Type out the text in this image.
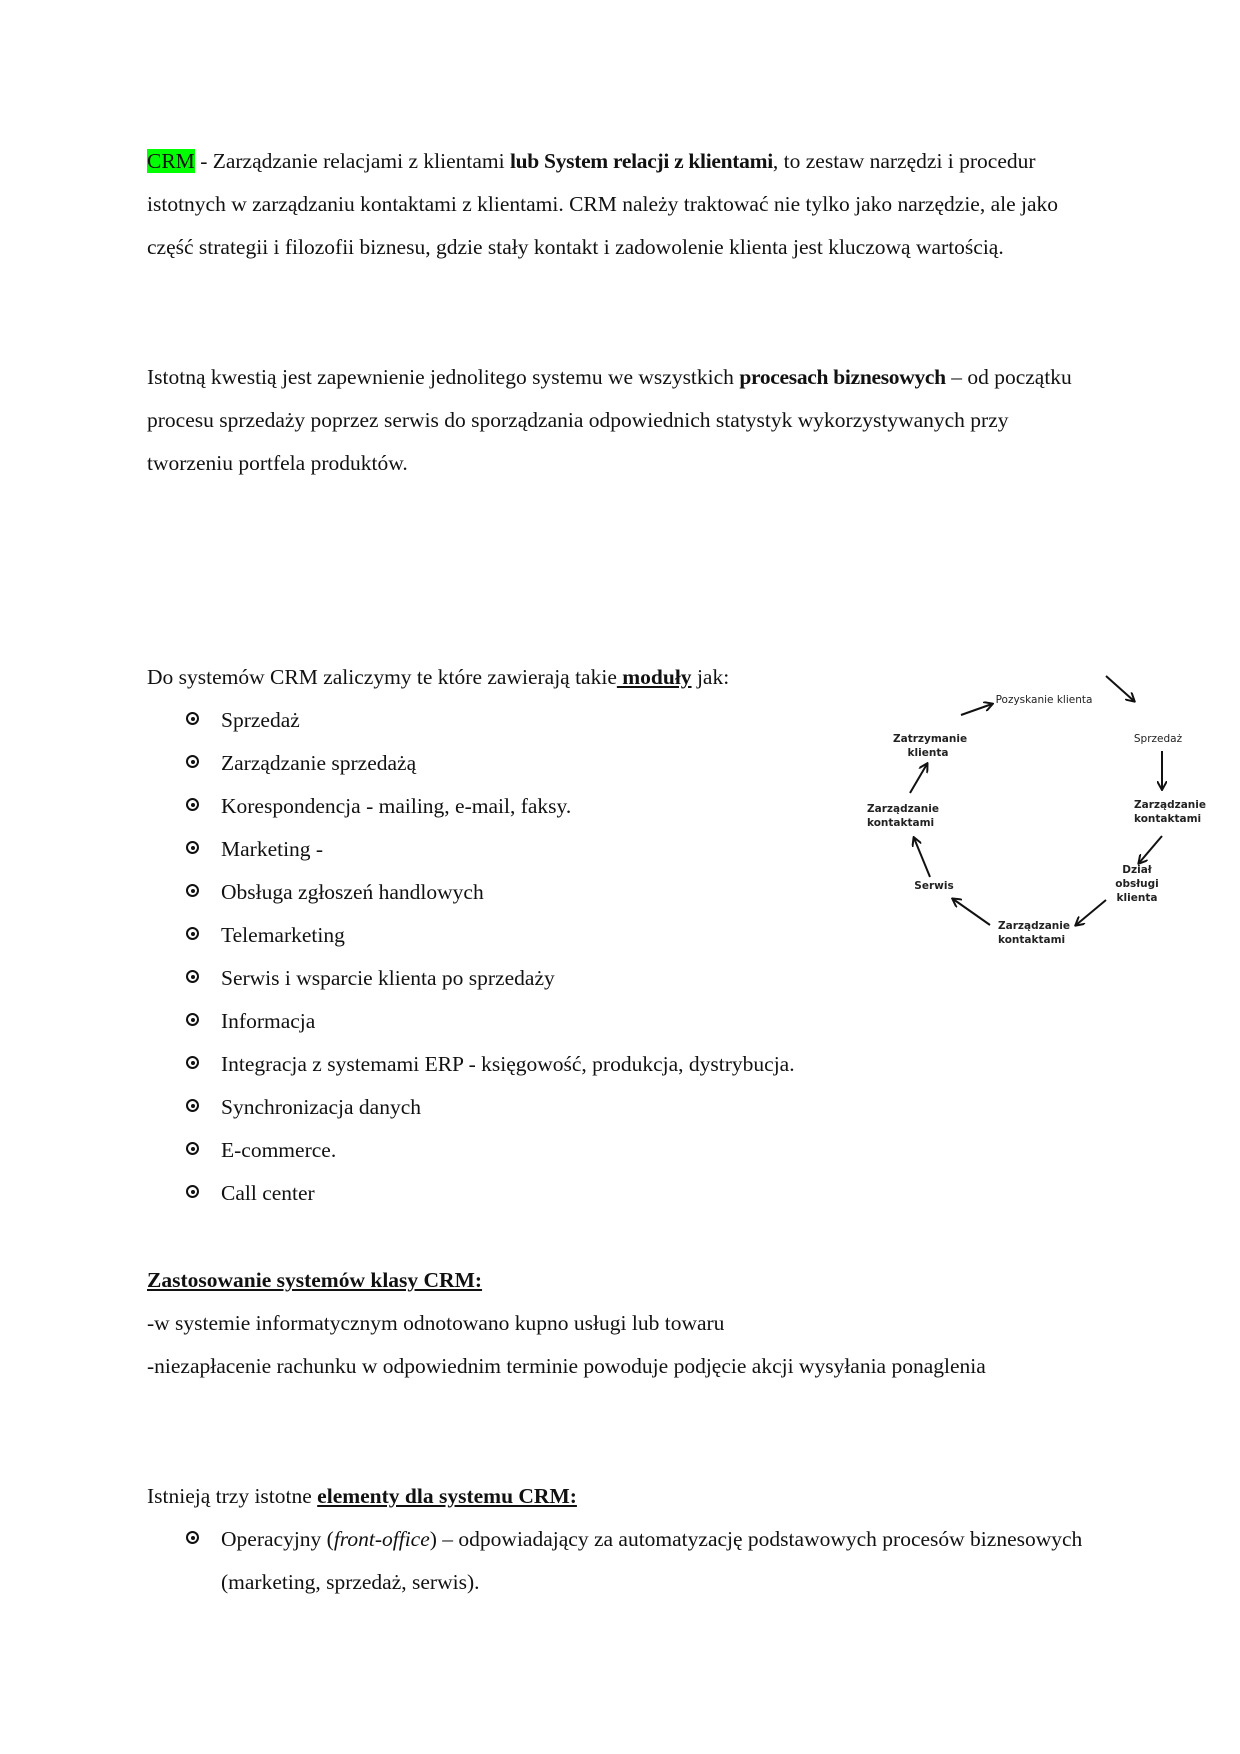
CRM - Zarządzanie relacjami z klientami lub System relacji z klientami, to zestaw narzędzi i procedur istotnych w zarządzaniu kontaktami z klientami. CRM należy traktować nie tylko jako narzędzie, ale jako część strategii i filozofii biznesu, gdzie stały kontakt i zadowolenie klienta jest kluczową wartością.

Istotną kwestią jest zapewnienie jednolitego systemu we wszystkich procesach biznesowych – od początku procesu sprzedaży poprzez serwis do sporządzania odpowiednich statystyk wykorzystywanych przy tworzeniu portfela produktów.

Do systemów CRM zaliczymy te które zawierają takie moduły jak:

Sprzedaż
Zarządzanie sprzedażą
Korespondencja - mailing, e-mail, faksy.
Marketing -
Obsługa zgłoszeń handlowych
Telemarketing
Serwis i wsparcie klienta po sprzedaży
Informacja
Integracja z systemami ERP - księgowość, produkcja, dystrybucja.
Synchronizacja danych
E-commerce.
Call center
Pozyskanie klienta
Sprzedaż
Zarządzanie kontaktami
Dział obsługi klienta
Zarządzanie kontaktami
Serwis
Zarządzanie kontaktami
Zatrzymanie klienta

Zastosowanie systemów klasy CRM:

-w systemie informatycznym odnotowano kupno usługi lub towaru

-niezapłacenie rachunku w odpowiednim terminie powoduje podjęcie akcji wysyłania ponaglenia

Istnieją trzy istotne elementy dla systemu CRM:

Operacyjny (front-office) – odpowiadający za automatyzację podstawowych procesów biznesowych (marketing, sprzedaż, serwis).
